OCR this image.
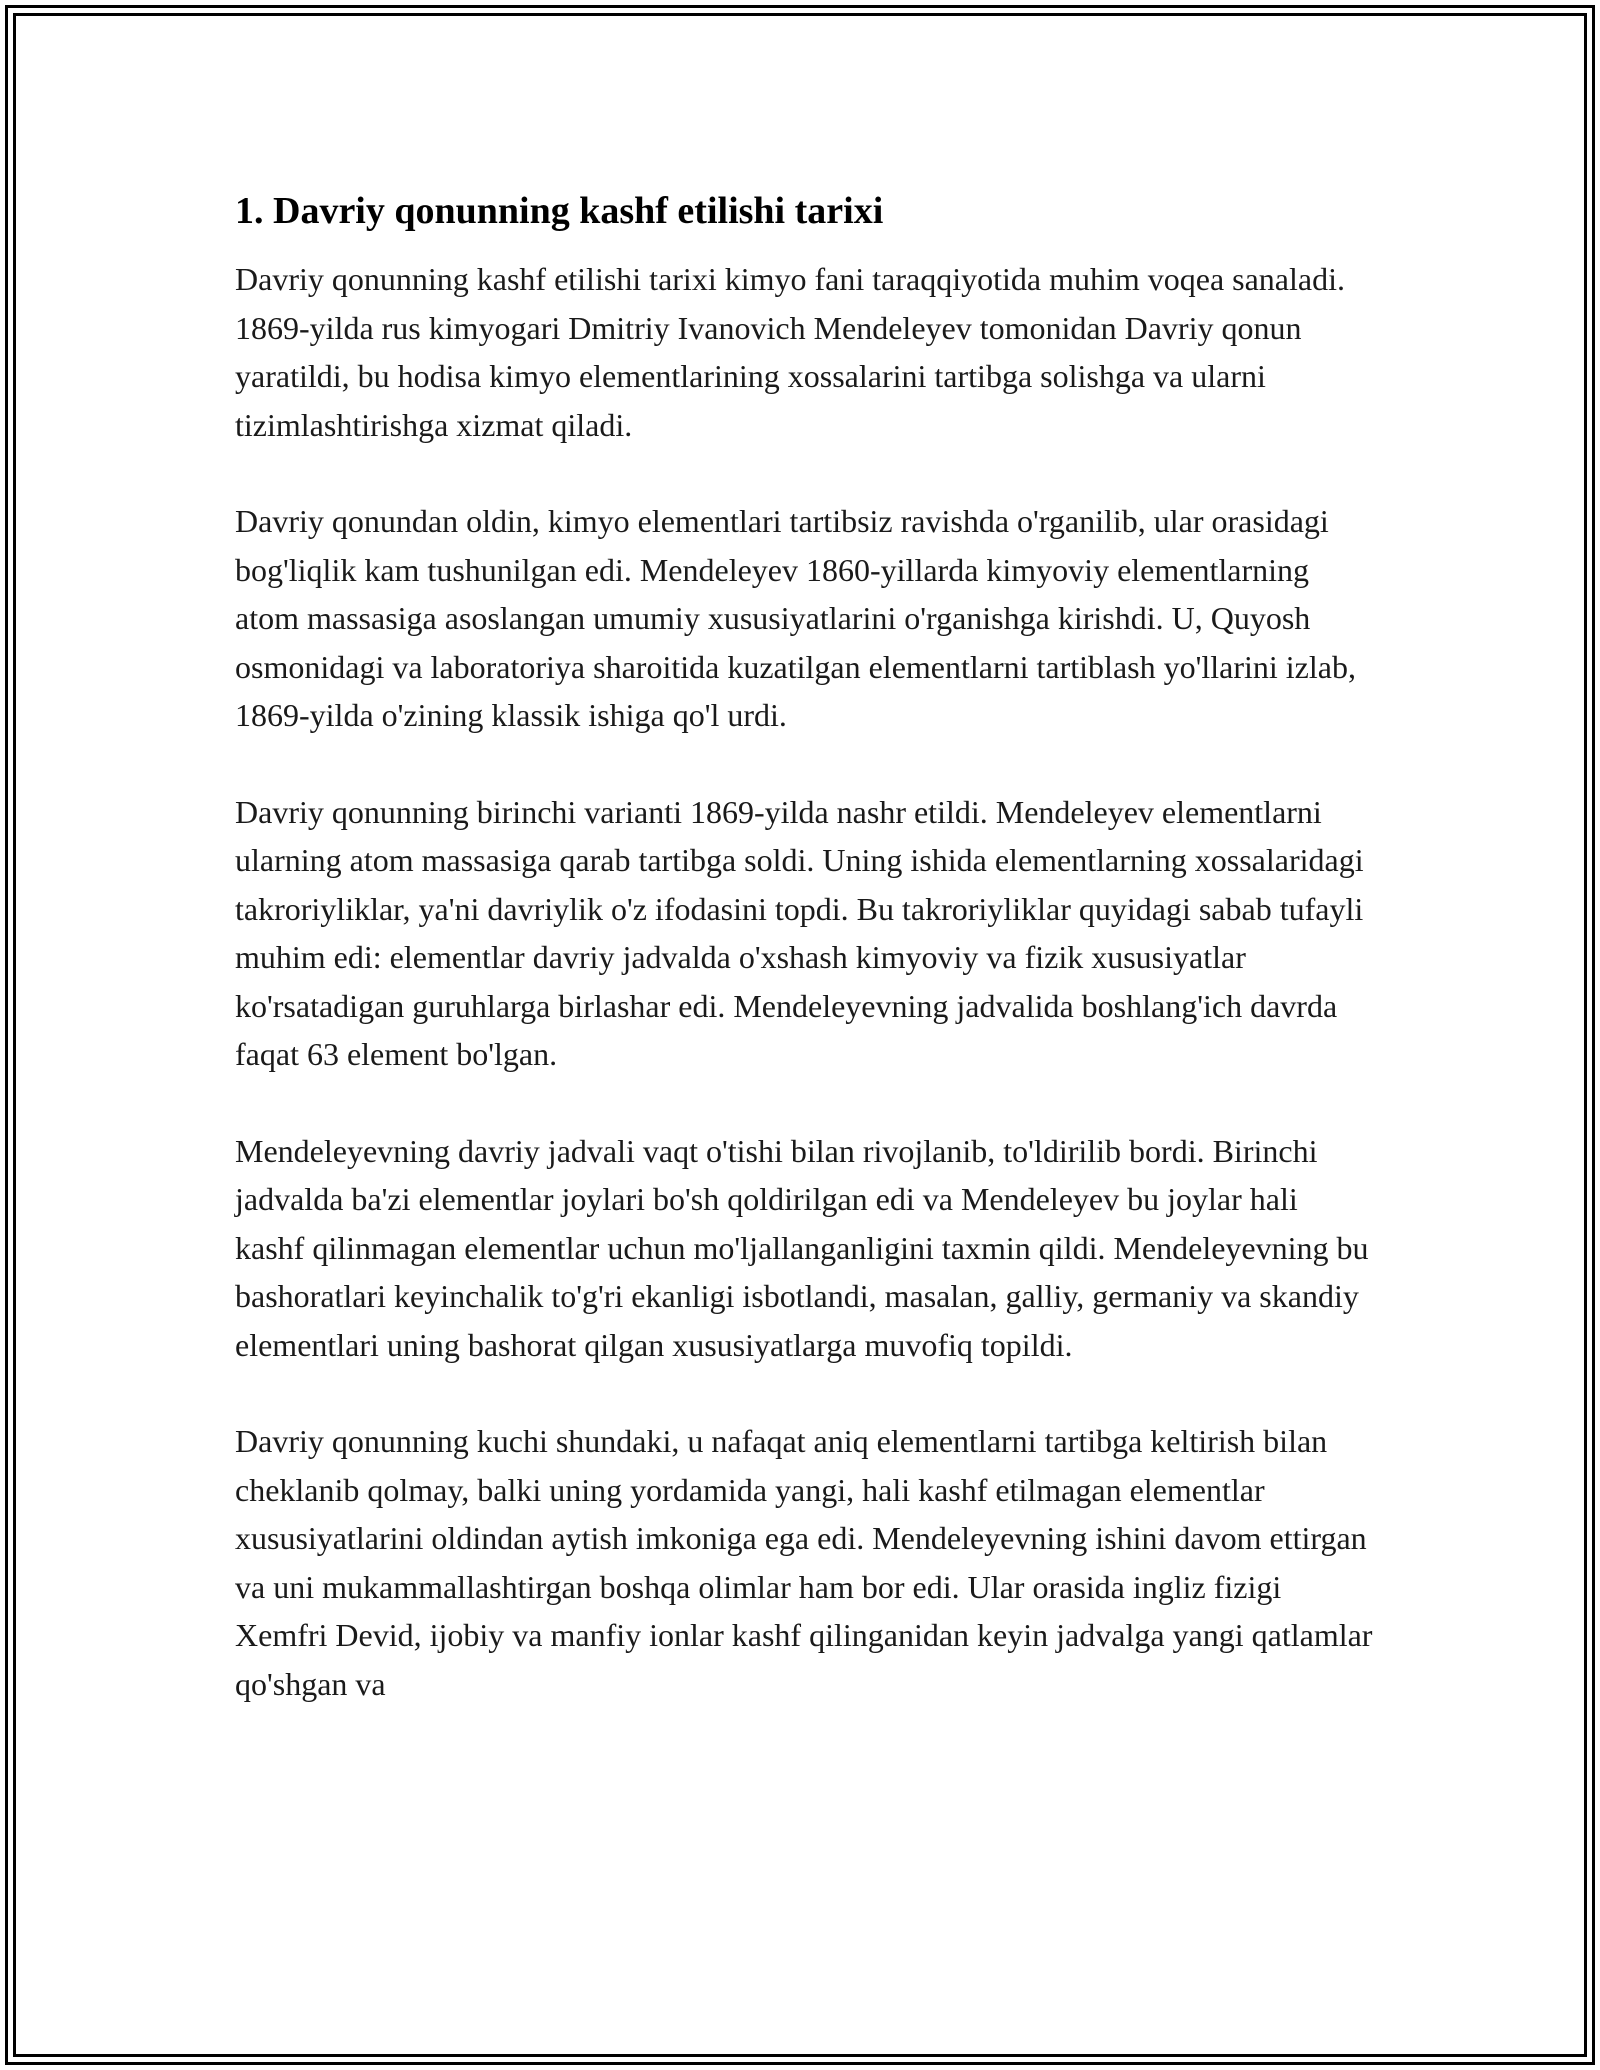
1. Davriy qonunning kashf etilishi tarixi

Davriy qonunning kashf etilishi tarixi kimyo fani taraqqiyotida muhim voqea sanaladi. 1869-yilda rus kimyogari Dmitriy Ivanovich Mendeleyev tomonidan Davriy qonun yaratildi, bu hodisa kimyo elementlarining xossalarini tartibga solishga va ularni tizimlashtirishga xizmat qiladi.

Davriy qonundan oldin, kimyo elementlari tartibsiz ravishda o'rganilib, ular orasidagi bog'liqlik kam tushunilgan edi. Mendeleyev 1860-yillarda kimyoviy elementlarning atom massasiga asoslangan umumiy xususiyatlarini o'rganishga kirishdi. U, Quyosh osmonidagi va laboratoriya sharoitida kuzatilgan elementlarni tartiblash yo'llarini izlab, 1869-yilda o'zining klassik ishiga qo'l urdi.

Davriy qonunning birinchi varianti 1869-yilda nashr etildi. Mendeleyev elementlarni ularning atom massasiga qarab tartibga soldi. Uning ishida elementlarning xossalaridagi takroriyliklar, ya'ni davriylik o'z ifodasini topdi. Bu takroriyliklar quyidagi sabab tufayli muhim edi: elementlar davriy jadvalda o'xshash kimyoviy va fizik xususiyatlar ko'rsatadigan guruhlarga birlashar edi. Mendeleyevning jadvalida boshlang'ich davrda faqat 63 element bo'lgan.

Mendeleyevning davriy jadvali vaqt o'tishi bilan rivojlanib, to'ldirilib bordi. Birinchi jadvalda ba'zi elementlar joylari bo'sh qoldirilgan edi va Mendeleyev bu joylar hali kashf qilinmagan elementlar uchun mo'ljallanganligini taxmin qildi. Mendeleyevning bu bashoratlari keyinchalik to'g'ri ekanligi isbotlandi, masalan, galliy, germaniy va skandiy elementlari uning bashorat qilgan xususiyatlarga muvofiq topildi.

Davriy qonunning kuchi shundaki, u nafaqat aniq elementlarni tartibga keltirish bilan cheklanib qolmay, balki uning yordamida yangi, hali kashf etilmagan elementlar xususiyatlarini oldindan aytish imkoniga ega edi. Mendeleyevning ishini davom ettirgan va uni mukammallashtirgan boshqa olimlar ham bor edi. Ular orasida ingliz fizigi Xemfri Devid, ijobiy va manfiy ionlar kashf qilinganidan keyin jadvalga yangi qatlamlar qo'shgan va
